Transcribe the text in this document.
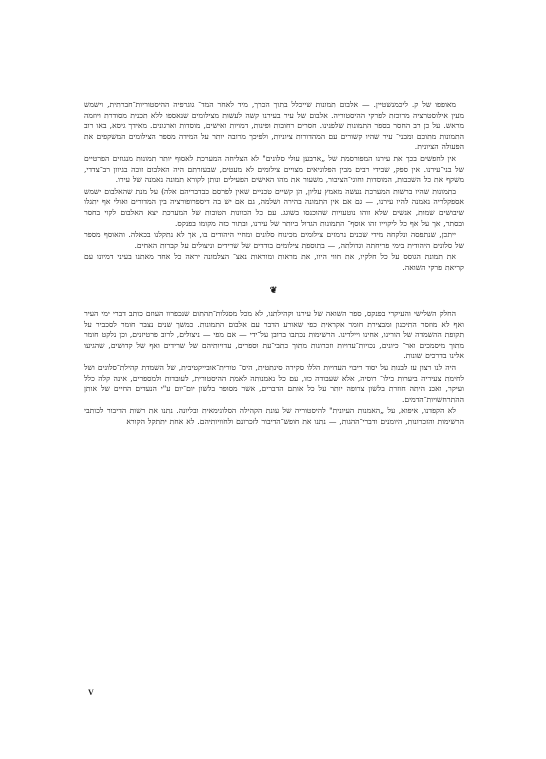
מאופפו של ק. ליכמנשטיין. — אלבום תמונות שייכלל בתוך הכרך, מיד לאחר המד־ גוגרפיה ההיסטוריות־חברתית, וישמש מעין אילוסטרציה מרוכזת לפרקי ההיסטוריה. אלבום של עיר בעירנו קשה לעשות מצילומים שנאספו ללא תכנית מסודרת ויוזמה מראש. על כן רב החסר בספר התמונות שלפנינו. חסרים רחובות ופינות, דמויות ואישים, מוסדות וארגונים. מאידך גיסא, באו רוב התמונות מתוכם ומבני־ עיר שהיו קשורים עם המהדורות ציוניות, ולפיכך מרובה יותר על המידה מספר הצילומים המשקפים את הפעולה הציונית.

אין לחפשים בכך את עירנו המפורסמת של „ארבען עולי סלונים" לא הצליחה המערכת לאסוף יותר תמונות מנגוזים הפרטיים של בני־עירנו. אין ספק, שבידי רבים מבין הפלוניאים מצויים צילומים לא מעטים, שבעזרתם היה האלבום זוכה בגיוון רב־צדדי, משקף את כל השכבות, המוסדות וחוגי־הציבור, משעור את מהו האישים הפעילים ונותן לקורא תמונה נאמנה של עירו.

בתמונות שהיו ברשות המערכת נעשה מאמץ עליון, הן קשיים טכניים שאין לפרסם כבדבריהם אלה) על מנת שהאלבום ישמש אספקלריה נאמנה להיו עירנו, — גם אם אין התמונה בהירה ושלמה, גם אם יש בה דיספרופורציה בין המדורים ואולי אף יתגלו שיבושים שמות, אנשים שלא זוהו נוטעויות שהוכנסו בשוגג. עם כל הכוונות הטובות של המערכת יצא האלבום לקוי בחסר ובסתר, אך על אף כל ליקוייו זהו אוסף־ התמונות הגדול ביותר של עירנו, ובתור כזה מקומו בפנקס.

ייתכן, שנתפסה ונלקחה מידי שכנים נרמזים צילומים מכינוח סלונים ומחיי היהודים בו, אך לא נתקלנו בכאלה. והאוסף מספר של סלונים היהודית בימי פריחתה וגדולתה, — בתוספת צילומים בודדים של שרידים וניצולים על קברות האחים.

את תמונת הגוסס על כל חלקיו, את חווי היוו, את מראות ומוראות נאצ־ הצלמונה יראה כל אחד מאתנו בעיני דמיונו עם קריאת פרקי השואה.

❦

החלק השלישי והעיקרי בפנקס, ספר השואה של עירנו וקהילתנו, לא מכל מסגלות־תהתום שנכפרוו העוזם כותב דברי ימי העיר ואף לא מוזסר התיכנון ומבצירת חומר אקראית כפי שאורע הדבר עם אלבום התמונות. כמשך שנים נצבר חומר לסכביר על תקופת ההשמדה של הורינו, אחינו ויילדינו. הרשימות נכתבו ברובן על־ידי — אם מפי — ניצולים, לרוב פרטיזנים, וכן נלקט חומר מתוך מיסמכים ואר־ כיונים, נכויות־עדויות וזכרונות מתוך כתבי־עת וספרים, עדויותיהם של שרידים ואף של קדושים, שהגיעו אלינו בדרכים שונות.

היה לנו רצון עז לבנות על יסוד ריבוי העדויות הללו סקירה סינתטית, היס־ טורית־אובייקטיבית, של השמדת קהילת־סלונים ושל לחימת צעיריה ביערות בילו־ רוסיה, אלא שעבודה כזו, עם כל נאמנותה לאמת ההיסטורית, לעובדות ולמספרים, אינה קלה כלל ועיקר, ואכנ היתה חוזרת בלשון צרופה יותר על כל אותם הדברים, אשר מסופר בלשון יום־יום ע"י הנעדים החיים של אותן ההתרחשויות־הדמים.

לא הקפדנו, איפוא, על „האמנות העיונית" להיסטוריה של עונת הקהילה הסלונימאית ובליונה. נתנו את רשות הדיבור לכותבי הרשימות והזכרונות, היומנים ודברי־ההגות, — נתנו את חופש־הדיבור לזכרונם ולחוויותיהם. לא אחת יתתקל הקורא

V
